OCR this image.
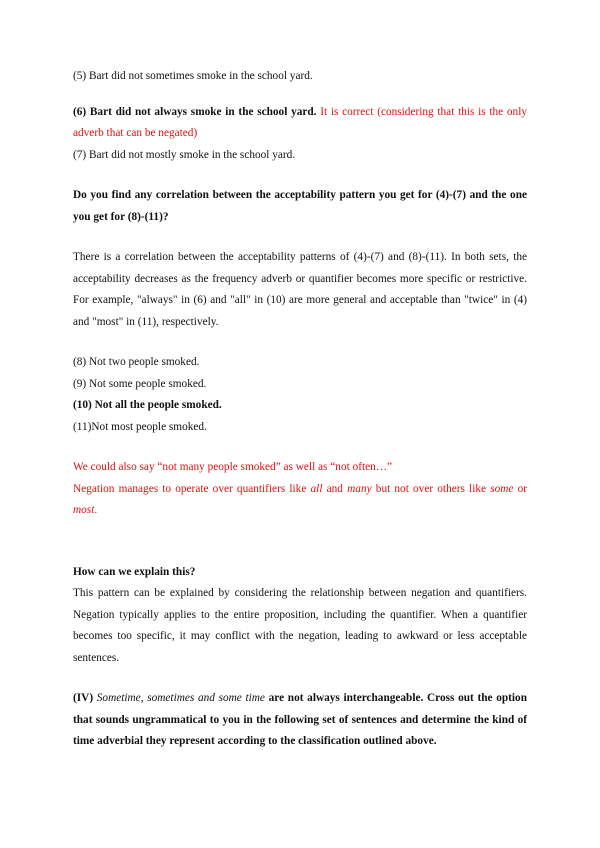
(5) Bart did not sometimes smoke in the school yard.

(6) Bart did not always smoke in the school yard. It is correct (considering that this is the only adverb that can be negated)

(7) Bart did not mostly smoke in the school yard.

Do you find any correlation between the acceptability pattern you get for (4)-(7) and the one you get for (8)-(11)?

There is a correlation between the acceptability patterns of (4)-(7) and (8)-(11). In both sets, the acceptability decreases as the frequency adverb or quantifier becomes more specific or restrictive. For example, "always" in (6) and "all" in (10) are more general and acceptable than "twice" in (4) and "most" in (11), respectively.

(8) Not two people smoked.

(9) Not some people smoked.

(10) Not all the people smoked.

(11)Not most people smoked.

We could also say “not many people smoked” as well as “not often…”

Negation manages to operate over quantifiers like all and many but not over others like some or most.

How can we explain this?

This pattern can be explained by considering the relationship between negation and quantifiers. Negation typically applies to the entire proposition, including the quantifier. When a quantifier becomes too specific, it may conflict with the negation, leading to awkward or less acceptable sentences.

(IV) Sometime, sometimes and some time are not always interchangeable. Cross out the option that sounds ungrammatical to you in the following set of sentences and determine the kind of time adverbial they represent according to the classification outlined above.
